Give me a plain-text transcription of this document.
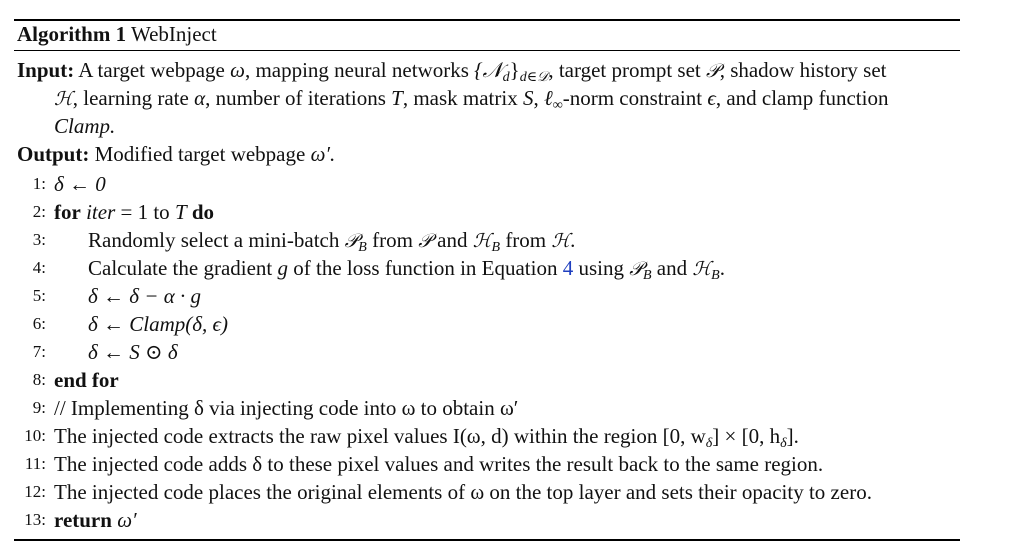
Algorithm 1 WebInject
Input: A target webpage ω, mapping neural networks $\{𝒩_d\}_{d\in 𝒟}$, target prompt set 𝒫, shadow history set
ℋ, learning rate α, number of iterations T, mask matrix S, ℓ$_\infty$-norm constraint ϵ, and clamp function
Clamp.
Output: Modified target webpage ω′.
1: δ ← 0
2: for iter = 1 to T do
3: Randomly select a mini-batch 𝒫$_B$ from 𝒫 and ℋ$_B$ from ℋ.
4: Calculate the gradient g of the loss function in Equation 4 using 𝒫$_B$ and ℋ$_B$.
5: δ ← δ − α · g
6: δ ← Clamp(δ, ϵ)
7: δ ← S ⊙ δ
8: end for
9: // Implementing δ via injecting code into ω to obtain ω′
10: The injected code extracts the raw pixel values I(ω, d) within the region [0, $w_\delta] \times [0$, $h_\delta$].
11: The injected code adds δ to these pixel values and writes the result back to the same region.
12: The injected code places the original elements of ω on the top layer and sets their opacity to zero.
13: return ω′
